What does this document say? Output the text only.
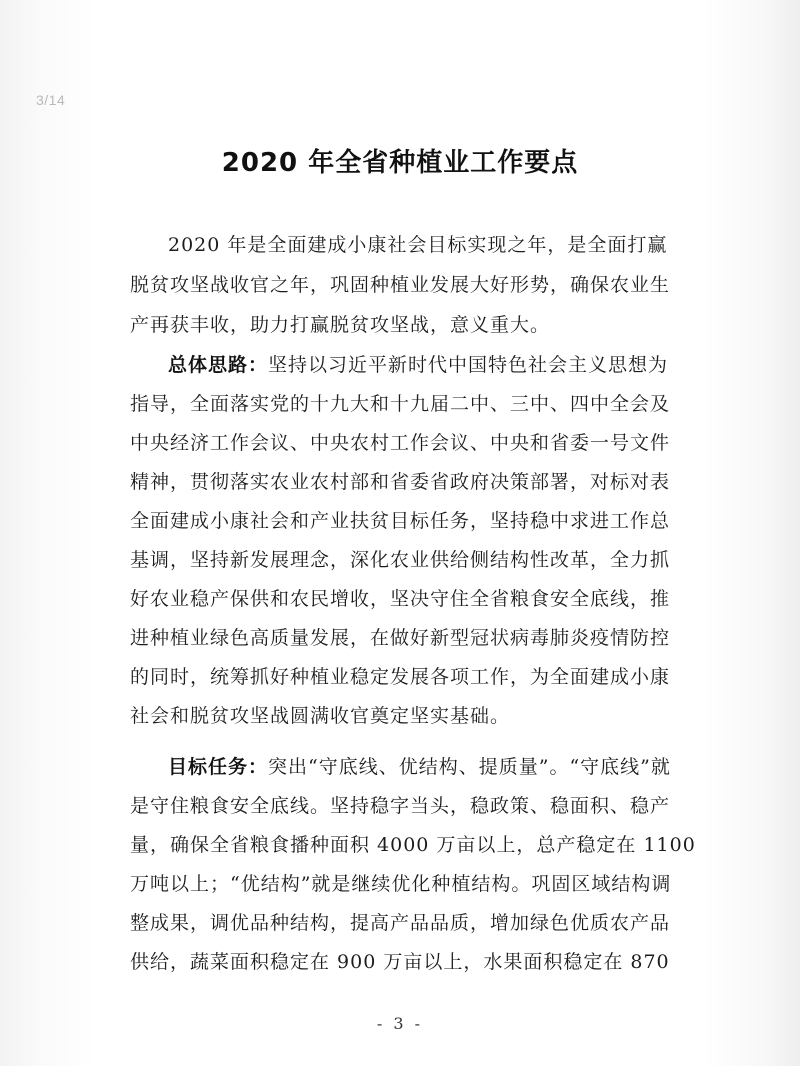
3/14
2020 年全省种植业工作要点
2020 年是全面建成小康社会目标实现之年，是全面打赢
脱贫攻坚战收官之年，巩固种植业发展大好形势，确保农业生
产再获丰收，助力打赢脱贫攻坚战，意义重大。
总体思路：坚持以习近平新时代中国特色社会主义思想为
指导，全面落实党的十九大和十九届二中、三中、四中全会及
中央经济工作会议、中央农村工作会议、中央和省委一号文件
精神，贯彻落实农业农村部和省委省政府决策部署，对标对表
全面建成小康社会和产业扶贫目标任务，坚持稳中求进工作总
基调，坚持新发展理念，深化农业供给侧结构性改革，全力抓
好农业稳产保供和农民增收，坚决守住全省粮食安全底线，推
进种植业绿色高质量发展，在做好新型冠状病毒肺炎疫情防控
的同时，统筹抓好种植业稳定发展各项工作，为全面建成小康
社会和脱贫攻坚战圆满收官奠定坚实基础。
目标任务：突出“守底线、优结构、提质量”。“守底线”就
是守住粮食安全底线。坚持稳字当头，稳政策、稳面积、稳产
量，确保全省粮食播种面积 4000 万亩以上，总产稳定在 1100
万吨以上；“优结构”就是继续优化种植结构。巩固区域结构调
整成果，调优品种结构，提高产品品质，增加绿色优质农产品
供给，蔬菜面积稳定在 900 万亩以上，水果面积稳定在 870
- 3 -
